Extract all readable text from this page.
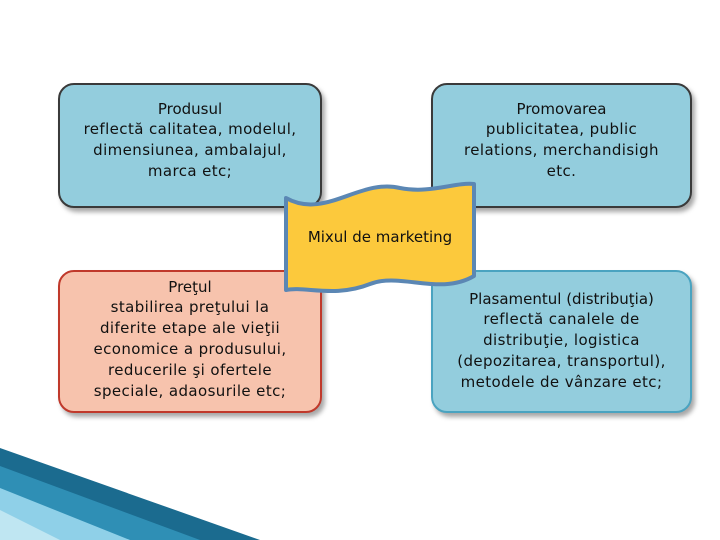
Produsul
reflectă calitatea, modelul,
dimensiunea, ambalajul,
marca etc;
Promovarea
publicitatea, public
relations, merchandisigh
etc.
Preţul
stabilirea preţului la
diferite etape ale vieţii
economice a produsului,
reducerile şi ofertele
speciale, adaosurile etc;
Plasamentul (distribuţia)
reflectă canalele de
distribuţie, logistica
(depozitarea, transportul),
metodele de vânzare etc;
Mixul de marketing
